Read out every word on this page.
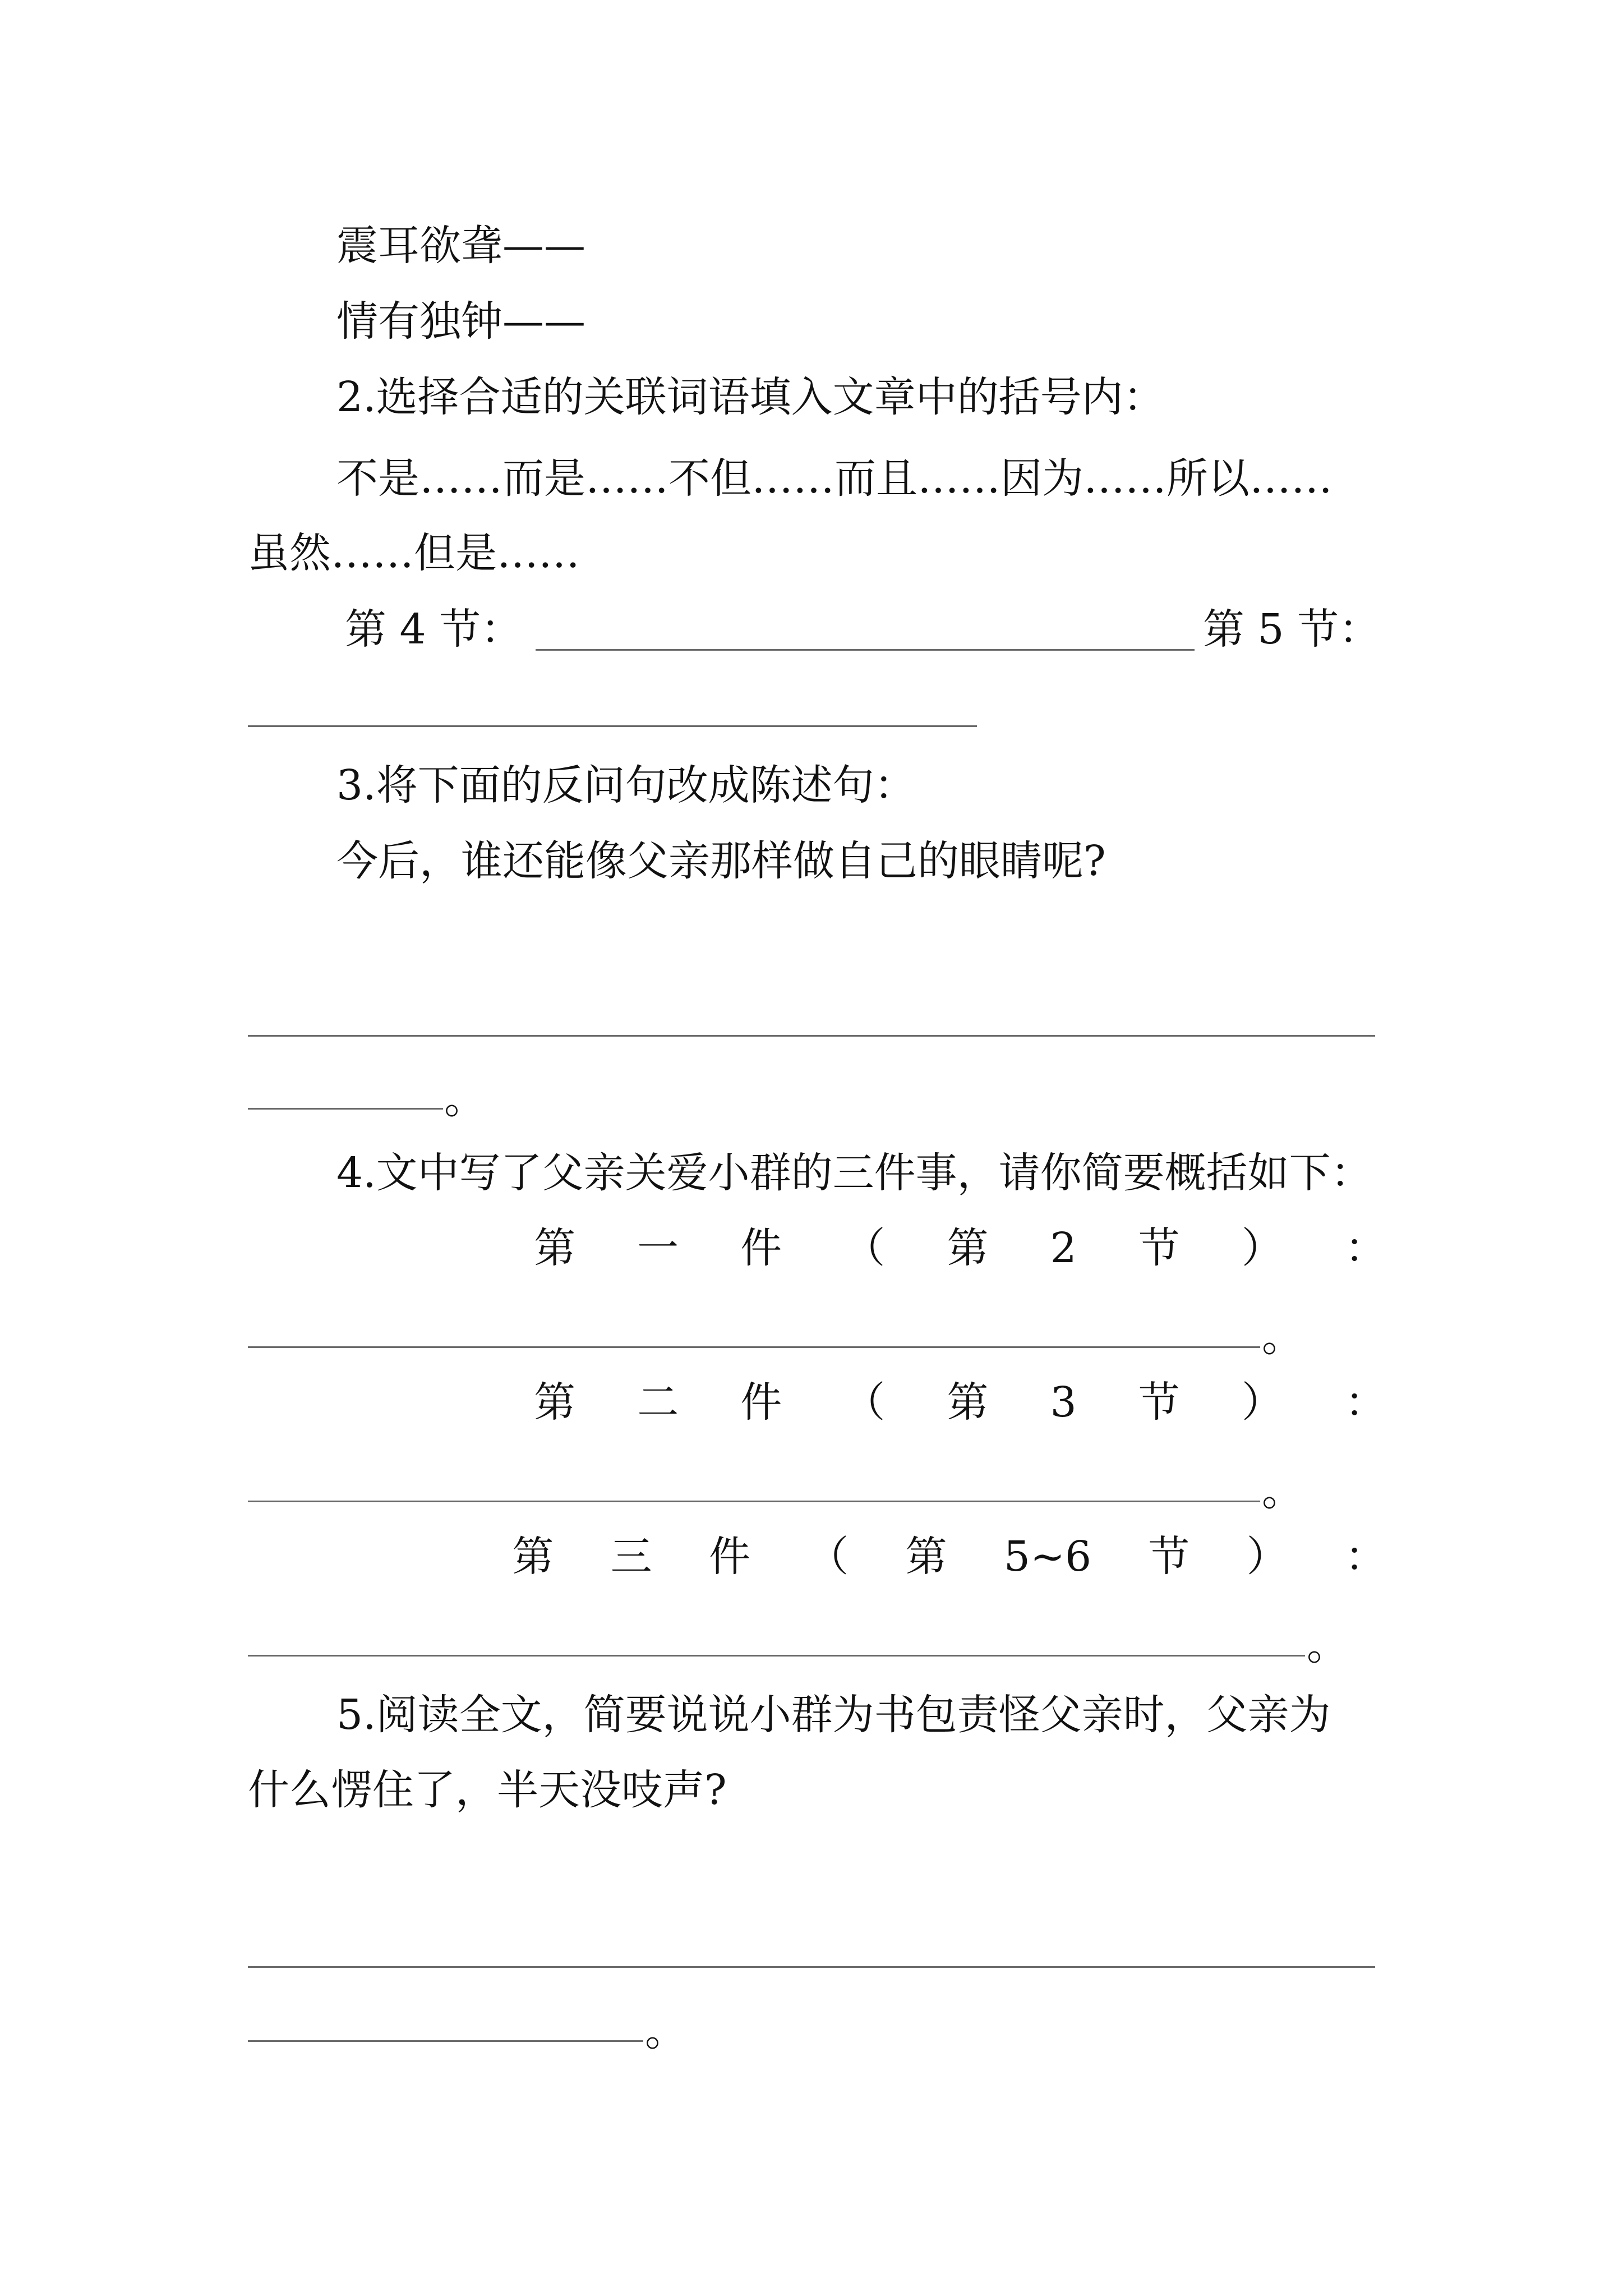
震耳欲聋——
情有独钟——
2.选择合适的关联词语填入文章中的括号内：
不是……而是……不但……而且……因为……所以……
虽然……但是……
第 4 节：	第 5 节：
3.将下面的反问句改成陈述句：
今后，谁还能像父亲那样做自己的眼睛呢?
。
4.文中写了父亲关爱小群的三件事，请你简要概括如下：
第 一 件 （ 第 2 节 ） ：
。
第 二 件 （ 第 3 节 ） ：
。
第 三 件 （ 第 5~6 节 ） ：
。
5.阅读全文，简要说说小群为书包责怪父亲时，父亲为
什么愣住了，半天没吱声?
。
